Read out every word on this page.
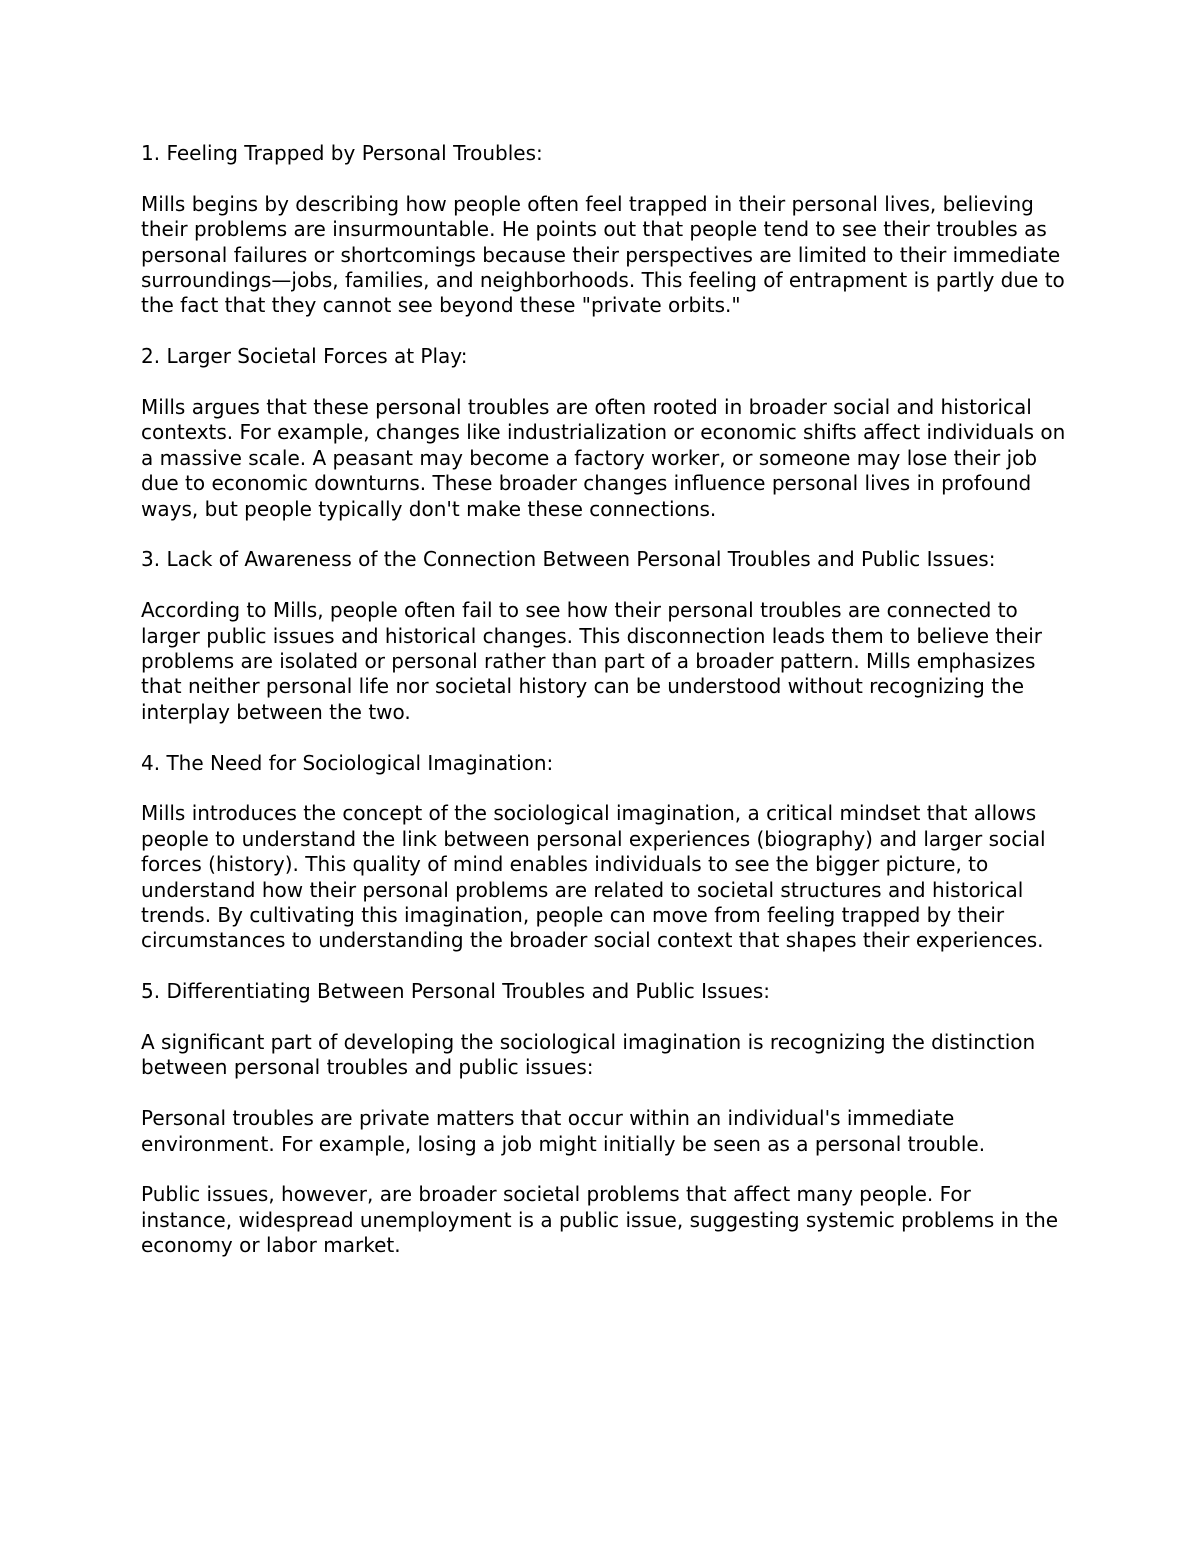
1. Feeling Trapped by Personal Troubles:

Mills begins by describing how people often feel trapped in their personal lives, believing their problems are insurmountable. He points out that people tend to see their troubles as personal failures or shortcomings because their perspectives are limited to their immediate surroundings—jobs, families, and neighborhoods. This feeling of entrapment is partly due to the fact that they cannot see beyond these "private orbits."

2. Larger Societal Forces at Play:

Mills argues that these personal troubles are often rooted in broader social and historical contexts. For example, changes like industrialization or economic shifts affect individuals on a massive scale. A peasant may become a factory worker, or someone may lose their job due to economic downturns. These broader changes influence personal lives in profound ways, but people typically don't make these connections.

3. Lack of Awareness of the Connection Between Personal Troubles and Public Issues:

According to Mills, people often fail to see how their personal troubles are connected to larger public issues and historical changes. This disconnection leads them to believe their problems are isolated or personal rather than part of a broader pattern. Mills emphasizes that neither personal life nor societal history can be understood without recognizing the interplay between the two.

4. The Need for Sociological Imagination:

Mills introduces the concept of the sociological imagination, a critical mindset that allows people to understand the link between personal experiences (biography) and larger social forces (history). This quality of mind enables individuals to see the bigger picture, to understand how their personal problems are related to societal structures and historical trends. By cultivating this imagination, people can move from feeling trapped by their circumstances to understanding the broader social context that shapes their experiences.

5. Differentiating Between Personal Troubles and Public Issues:

A significant part of developing the sociological imagination is recognizing the distinction between personal troubles and public issues:

Personal troubles are private matters that occur within an individual's immediate environment. For example, losing a job might initially be seen as a personal trouble.

Public issues, however, are broader societal problems that affect many people. For instance, widespread unemployment is a public issue, suggesting systemic problems in the economy or labor market.
